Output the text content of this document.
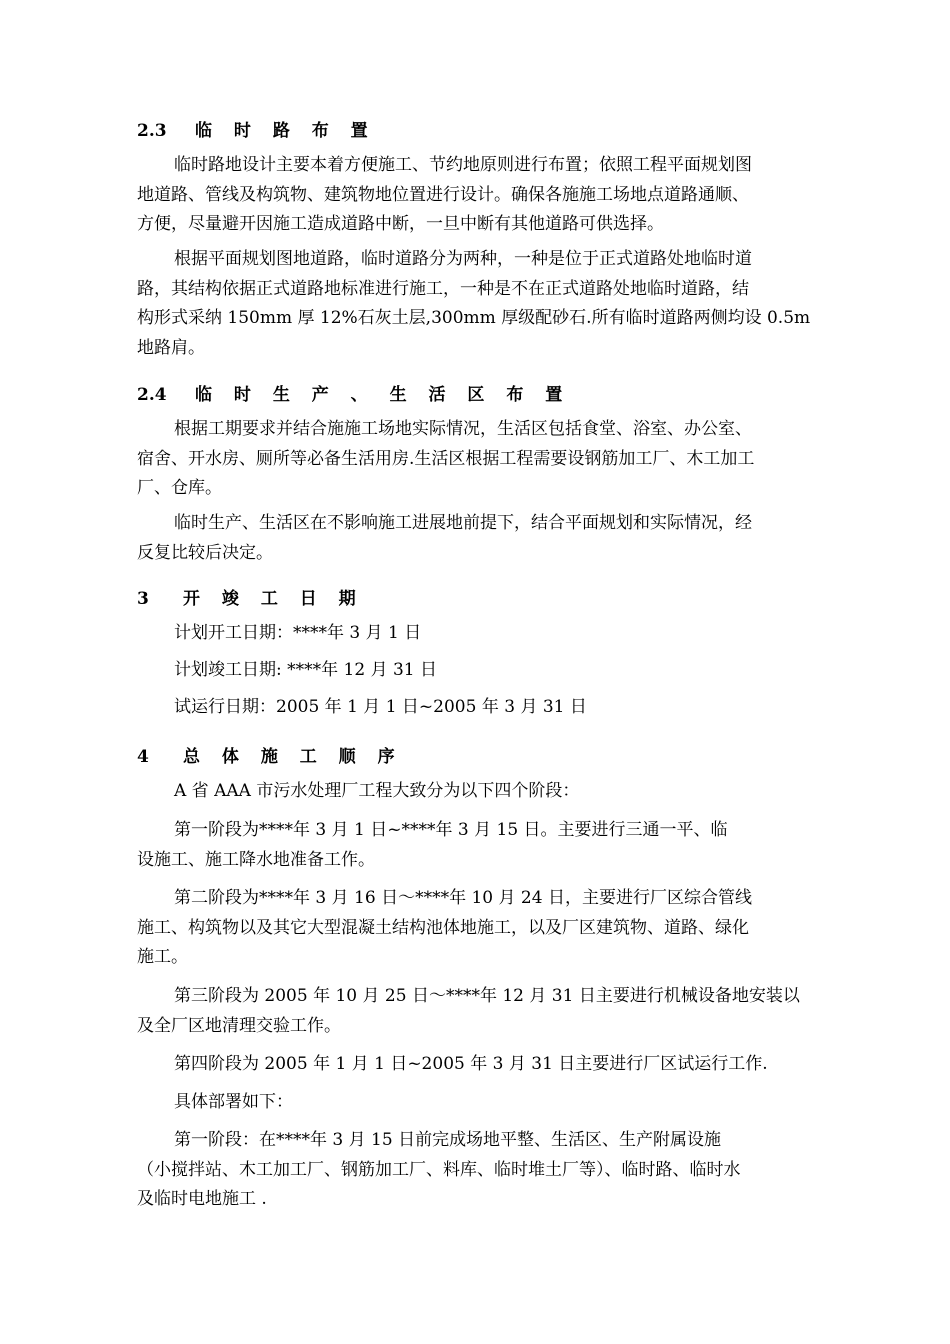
2.3 临 时 路 布 置
临时路地设计主要本着方便施工、节约地原则进行布置；依照工程平面规划图
地道路、管线及构筑物、建筑物地位置进行设计。确保各施施工场地点道路通顺、
方便，尽量避开因施工造成道路中断，一旦中断有其他道路可供选择。
根据平面规划图地道路，临时道路分为两种，一种是位于正式道路处地临时道
路，其结构依据正式道路地标准进行施工，一种是不在正式道路处地临时道路，结
构形式采纳 150mm 厚 12%石灰土层,300mm 厚级配砂石.所有临时道路两侧均设 0.5m
地路肩。
2.4 临 时 生 产 、 生 活 区 布 置
根据工期要求并结合施施工场地实际情况，生活区包括食堂、浴室、办公室、
宿舍、开水房、厕所等必备生活用房.生活区根据工程需要设钢筋加工厂、木工加工
厂、仓库。
临时生产、生活区在不影响施工进展地前提下，结合平面规划和实际情况，经
反复比较后决定。
3 开 竣 工 日 期
计划开工日期：****年 3 月 1 日
计划竣工日期: ****年 12 月 31 日
试运行日期：2005 年 1 月 1 日~2005 年 3 月 31 日
4 总 体 施 工 顺 序
A 省 AAA 市污水处理厂工程大致分为以下四个阶段：
第一阶段为****年 3 月 1 日~****年 3 月 15 日。主要进行三通一平、临
设施工、施工降水地准备工作。
第二阶段为****年 3 月 16 日～****年 10 月 24 日，主要进行厂区综合管线
施工、构筑物以及其它大型混凝土结构池体地施工，以及厂区建筑物、道路、绿化
施工。
第三阶段为 2005 年 10 月 25 日～****年 12 月 31 日主要进行机械设备地安装以
及全厂区地清理交验工作。
第四阶段为 2005 年 1 月 1 日~2005 年 3 月 31 日主要进行厂区试运行工作.
具体部署如下：
第一阶段：在****年 3 月 15 日前完成场地平整、生活区、生产附属设施
（小搅拌站、木工加工厂、钢筋加工厂、料库、临时堆土厂等）、临时路、临时水
及临时电地施工 .
